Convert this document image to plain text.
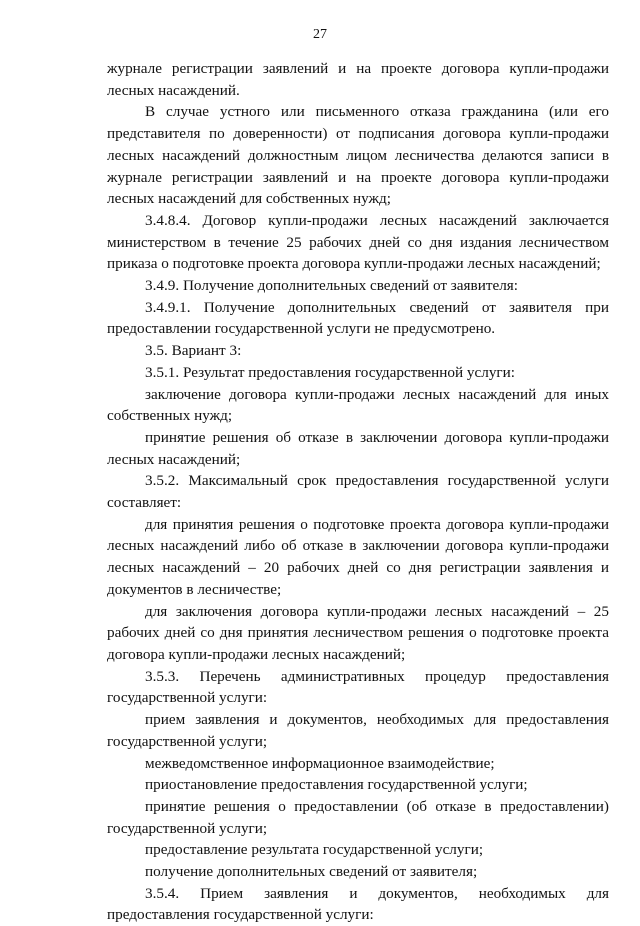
27

журнале регистрации заявлений и на проекте договора купли-продажи лесных насаждений.

В случае устного или письменного отказа гражданина (или его представителя по доверенности) от подписания договора купли-продажи лесных насаждений должностным лицом лесничества делаются записи в журнале регистрации заявлений и на проекте договора купли-продажи лесных насаждений для собственных нужд;

3.4.8.4. Договор купли-продажи лесных насаждений заключается министерством в течение 25 рабочих дней со дня издания лесничеством приказа о подготовке проекта договора купли-продажи лесных насаждений;

3.4.9. Получение дополнительных сведений от заявителя:

3.4.9.1. Получение дополнительных сведений от заявителя при предоставлении государственной услуги не предусмотрено.

3.5. Вариант 3:

3.5.1. Результат предоставления государственной услуги:

заключение договора купли-продажи лесных насаждений для иных собственных нужд;

принятие решения об отказе в заключении договора купли-продажи лесных насаждений;

3.5.2. Максимальный срок предоставления государственной услуги составляет:

для принятия решения о подготовке проекта договора купли-продажи лесных насаждений либо об отказе в заключении договора купли-продажи лесных насаждений – 20 рабочих дней со дня регистрации заявления и документов в лесничестве;

для заключения договора купли-продажи лесных насаждений – 25 рабочих дней со дня принятия лесничеством решения о подготовке проекта договора купли-продажи лесных насаждений;

3.5.3. Перечень административных процедур предоставления государственной услуги:

прием заявления и документов, необходимых для предоставления государственной услуги;

межведомственное информационное взаимодействие;

приостановление предоставления государственной услуги;

принятие решения о предоставлении (об отказе в предоставлении) государственной услуги;

предоставление результата государственной услуги;

получение дополнительных сведений от заявителя;

3.5.4. Прием заявления и документов, необходимых для предоставления государственной услуги:
